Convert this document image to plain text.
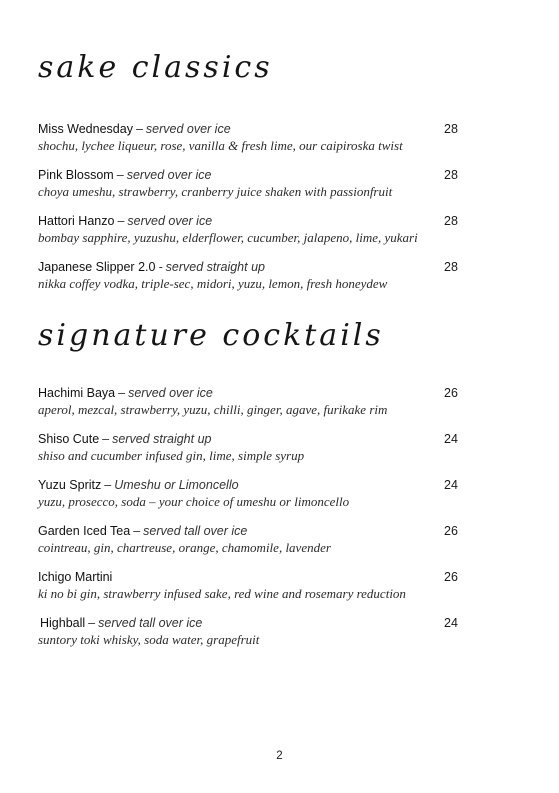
sake classics
Miss Wednesday – served over ice	28
shochu, lychee liqueur, rose, vanilla & fresh lime, our caipiroska twist
Pink Blossom – served over ice	28
choya umeshu, strawberry, cranberry juice shaken with passionfruit
Hattori Hanzo – served over ice	28
bombay sapphire, yuzushu, elderflower, cucumber, jalapeno, lime, yukari
Japanese Slipper 2.0 - served straight up	28
nikka coffey vodka, triple-sec, midori, yuzu, lemon, fresh honeydew
signature cocktails
Hachimi Baya – served over ice	26
aperol, mezcal, strawberry, yuzu, chilli, ginger, agave, furikake rim
Shiso Cute – served straight up	24
shiso and cucumber infused gin, lime, simple syrup
Yuzu Spritz – Umeshu or Limoncello	24
yuzu, prosecco, soda – your choice of umeshu or limoncello
Garden Iced Tea – served tall over ice	26
cointreau, gin, chartreuse, orange, chamomile, lavender
Ichigo Martini	26
ki no bi gin, strawberry infused sake, red wine and rosemary reduction
Highball – served tall over ice	24
suntory toki whisky, soda water, grapefruit
2
